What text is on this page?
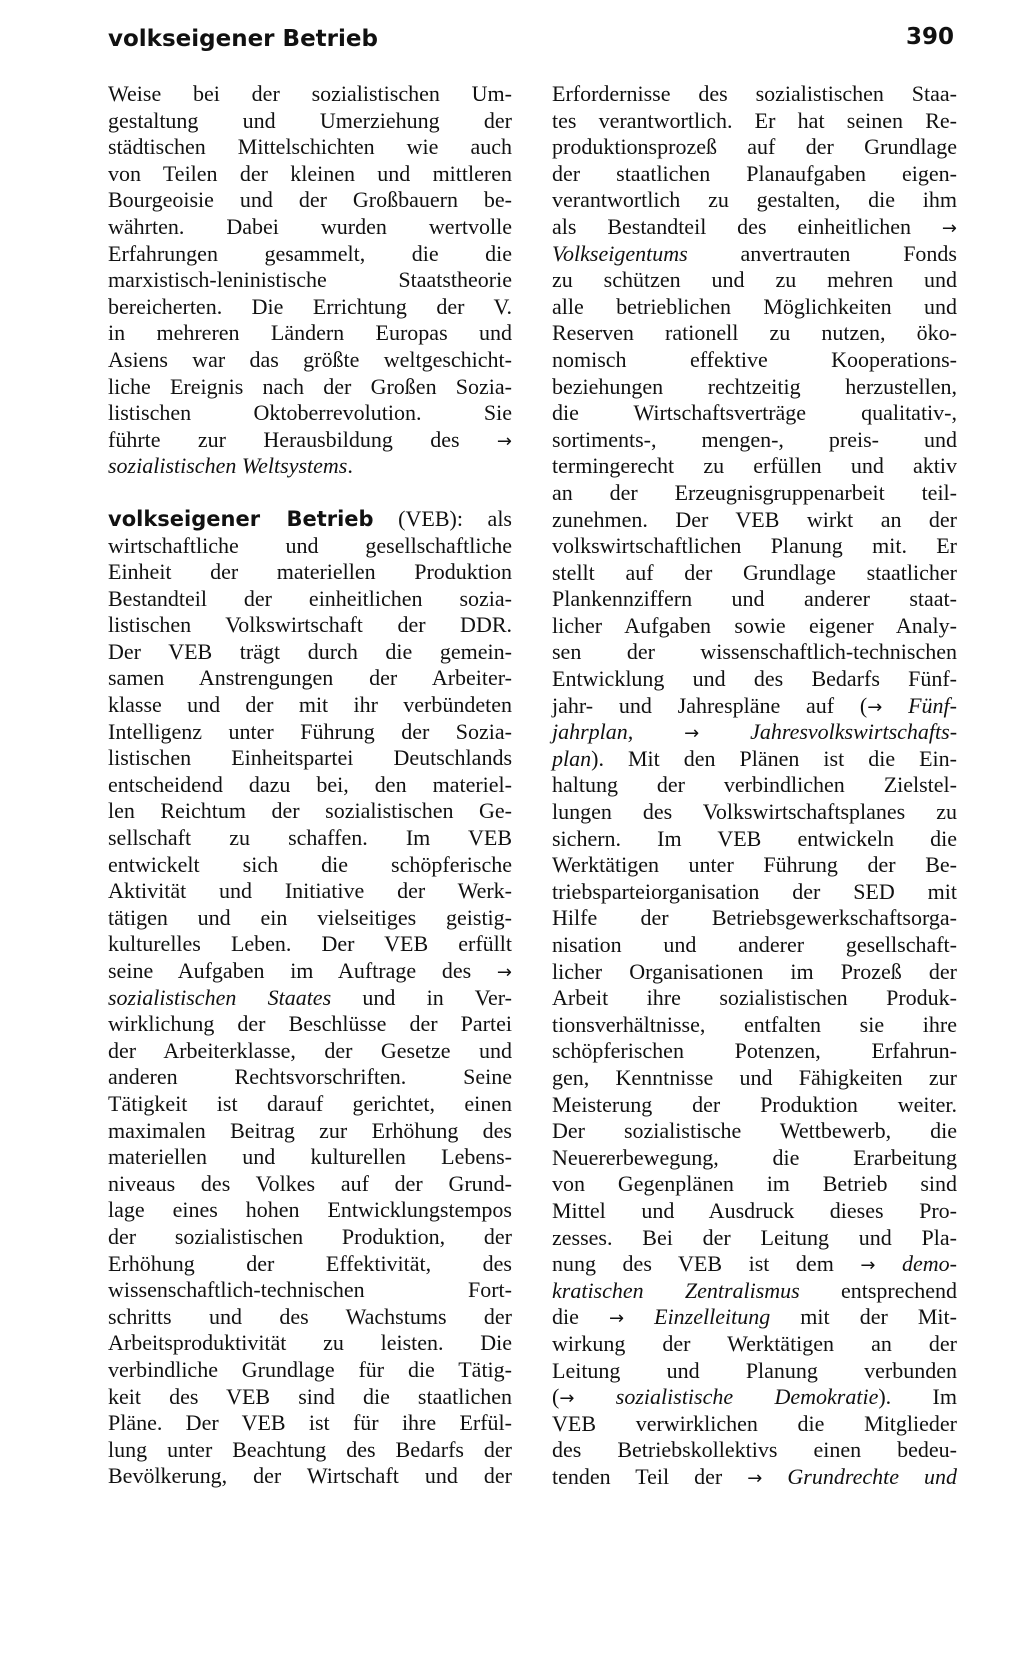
volkseigener Betrieb	390
Weise bei der sozialistischen Um-
gestaltung und Umerziehung der
städtischen Mittelschichten wie auch
von Teilen der kleinen und mittleren
Bourgeoisie und der Großbauern be-
währten. Dabei wurden wertvolle
Erfahrungen gesammelt, die die
marxistisch-leninistische Staatstheorie
bereicherten. Die Errichtung der V.
in mehreren Ländern Europas und
Asiens war das größte weltgeschicht-
liche Ereignis nach der Großen Sozia-
listischen Oktoberrevolution. Sie
führte zur Herausbildung des →
sozialistischen Weltsystems.
volkseigener Betrieb (VEB): als
wirtschaftliche und gesellschaftliche
Einheit der materiellen Produktion
Bestandteil der einheitlichen sozia-
listischen Volkswirtschaft der DDR.
Der VEB trägt durch die gemein-
samen Anstrengungen der Arbeiter-
klasse und der mit ihr verbündeten
Intelligenz unter Führung der Sozia-
listischen Einheitspartei Deutschlands
entscheidend dazu bei, den materiel-
len Reichtum der sozialistischen Ge-
sellschaft zu schaffen. Im VEB
entwickelt sich die schöpferische
Aktivität und Initiative der Werk-
tätigen und ein vielseitiges geistig-
kulturelles Leben. Der VEB erfüllt
seine Aufgaben im Auftrage des →
sozialistischen Staates und in Ver-
wirklichung der Beschlüsse der Partei
der Arbeiterklasse, der Gesetze und
anderen Rechtsvorschriften. Seine
Tätigkeit ist darauf gerichtet, einen
maximalen Beitrag zur Erhöhung des
materiellen und kulturellen Lebens-
niveaus des Volkes auf der Grund-
lage eines hohen Entwicklungstempos
der sozialistischen Produktion, der
Erhöhung der Effektivität, des
wissenschaftlich-technischen Fort-
schritts und des Wachstums der
Arbeitsproduktivität zu leisten. Die
verbindliche Grundlage für die Tätig-
keit des VEB sind die staatlichen
Pläne. Der VEB ist für ihre Erfül-
lung unter Beachtung des Bedarfs der
Bevölkerung, der Wirtschaft und der
Erfordernisse des sozialistischen Staa-
tes verantwortlich. Er hat seinen Re-
produktionsprozeß auf der Grundlage
der staatlichen Planaufgaben eigen-
verantwortlich zu gestalten, die ihm
als Bestandteil des einheitlichen →
Volkseigentums anvertrauten Fonds
zu schützen und zu mehren und
alle betrieblichen Möglichkeiten und
Reserven rationell zu nutzen, öko-
nomisch effektive Kooperations-
beziehungen rechtzeitig herzustellen,
die Wirtschaftsverträge qualitativ-,
sortiments-, mengen-, preis- und
termingerecht zu erfüllen und aktiv
an der Erzeugnisgruppenarbeit teil-
zunehmen. Der VEB wirkt an der
volkswirtschaftlichen Planung mit. Er
stellt auf der Grundlage staatlicher
Plankennziffern und anderer staat-
licher Aufgaben sowie eigener Analy-
sen der wissenschaftlich-technischen
Entwicklung und des Bedarfs Fünf-
jahr- und Jahrespläne auf (→ Fünf-
jahrplan,	→ Jahresvolkswirtschafts-
plan). Mit den Plänen ist die Ein-
haltung der verbindlichen Zielstel-
lungen des Volkswirtschaftsplanes zu
sichern. Im VEB entwickeln die
Werktätigen unter Führung der Be-
triebsparteiorganisation der SED mit
Hilfe der Betriebsgewerkschaftsorga-
nisation und anderer gesellschaft-
licher Organisationen im Prozeß der
Arbeit ihre sozialistischen Produk-
tionsverhältnisse, entfalten sie ihre
schöpferischen Potenzen, Erfahrun-
gen, Kenntnisse und Fähigkeiten zur
Meisterung der Produktion weiter.
Der sozialistische Wettbewerb, die
Neuererbewegung, die Erarbeitung
von Gegenplänen im Betrieb sind
Mittel und Ausdruck dieses Pro-
zesses. Bei der Leitung und Pla-
nung des VEB ist dem → demo-
kratischen Zentralismus entsprechend
die → Einzelleitung mit der Mit-
wirkung der Werktätigen an der
Leitung und Planung verbunden
(→ sozialistische Demokratie). Im
VEB verwirklichen die Mitglieder
des Betriebskollektivs einen bedeu-
tenden Teil der → Grundrechte und
